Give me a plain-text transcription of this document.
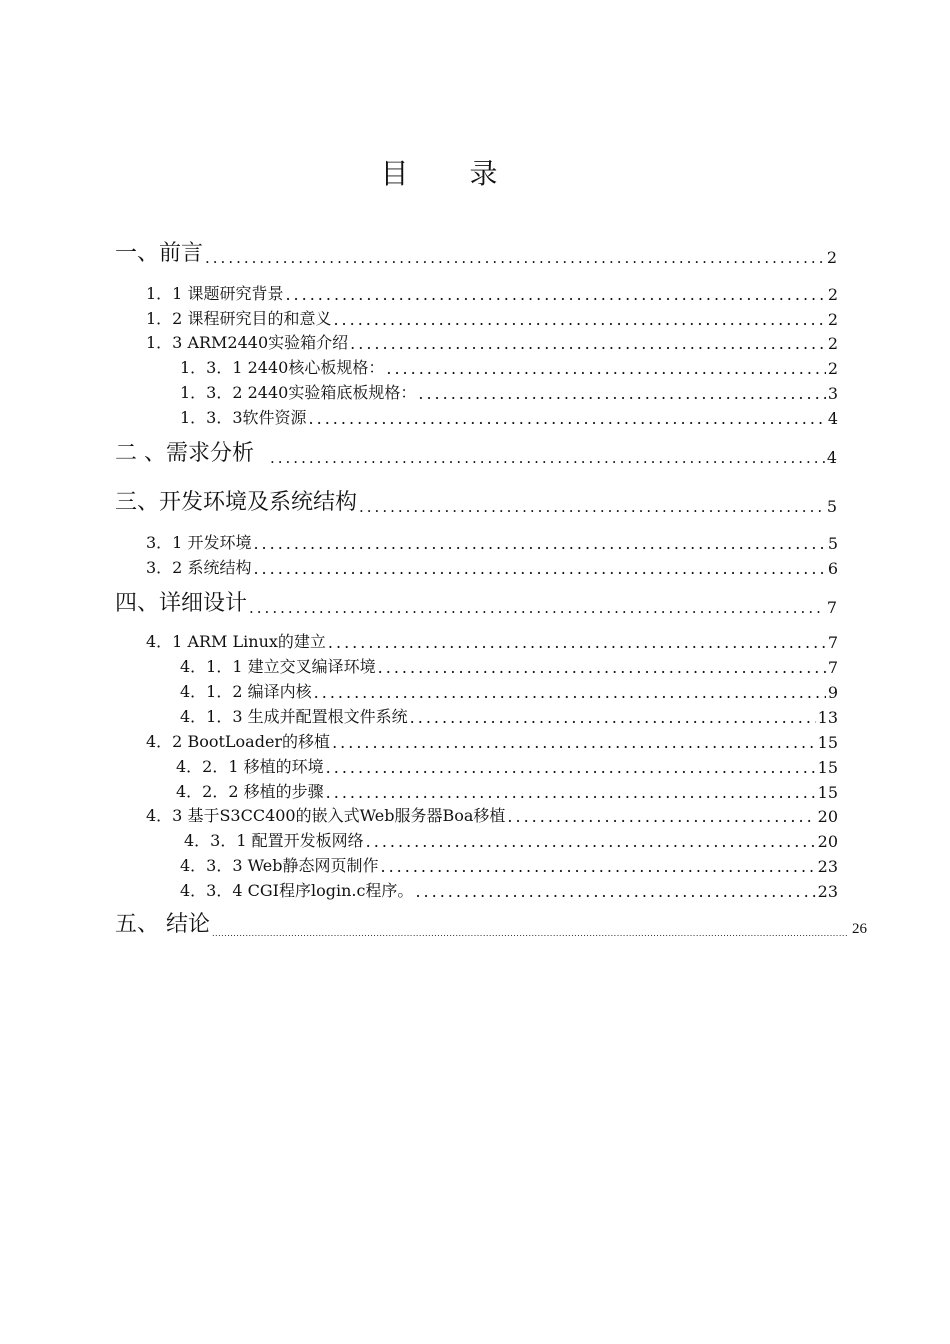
目 录
一、前言 .....	2
1．1 课题研究背景 .....	2
1．2 课程研究目的和意义 .....	2
1．3 ARM2440实验箱介绍 .....	2
1．3．1 2440核心板规格： .....	2
1．3．2 2440实验箱底板规格： .....	3
1．3．3软件资源 .....	4
二 、需求分析 .....	4
三、开发环境及系统结构 .....	5
3．1 开发环境 .....	5
3．2 系统结构 .....	6
四、详细设计 .....	7
4．1 ARM Linux的建立 .....	7
4．1．1 建立交叉编译环境 .....	7
4．1．2 编译内核 .....	9
4．1．3 生成并配置根文件系统 .....	13
4．2 BootLoader的移植 .....	15
4．2．1 移植的环境 .....	15
4．2．2 移植的步骤 .....	15
4．3 基于S3CC400的嵌入式Web服务器Boa移植 .....	20
4．3．1 配置开发板网络 .....	20
4．3．3 Web静态网页制作 .....	23
4．3．4 CGI程序login.c程序。 .....	23
五、 结论 .....	26
